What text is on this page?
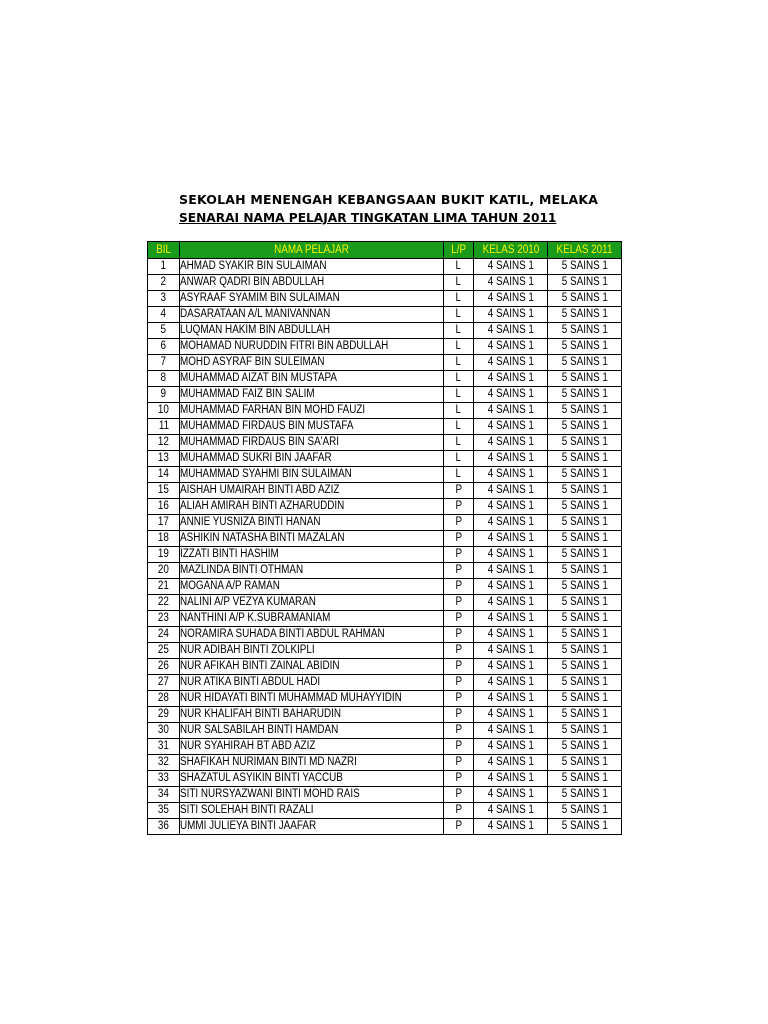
SEKOLAH MENENGAH KEBANGSAAN BUKIT KATIL, MELAKA
SENARAI NAMA PELAJAR TINGKATAN LIMA TAHUN 2011
BIL	NAMA PELAJAR	L/P	KELAS 2010	KELAS 2011
1	AHMAD SYAKIR BIN SULAIMAN	L	4 SAINS 1	5 SAINS 1
2	ANWAR QADRI BIN ABDULLAH	L	4 SAINS 1	5 SAINS 1
3	ASYRAAF SYAMIM BIN SULAIMAN	L	4 SAINS 1	5 SAINS 1
4	DASARATAAN A/L MANIVANNAN	L	4 SAINS 1	5 SAINS 1
5	LUQMAN HAKIM BIN ABDULLAH	L	4 SAINS 1	5 SAINS 1
6	MOHAMAD NURUDDIN FITRI BIN ABDULLAH	L	4 SAINS 1	5 SAINS 1
7	MOHD ASYRAF BIN SULEIMAN	L	4 SAINS 1	5 SAINS 1
8	MUHAMMAD AIZAT BIN MUSTAPA	L	4 SAINS 1	5 SAINS 1
9	MUHAMMAD FAIZ BIN SALIM	L	4 SAINS 1	5 SAINS 1
10	MUHAMMAD FARHAN BIN MOHD FAUZI	L	4 SAINS 1	5 SAINS 1
11	MUHAMMAD FIRDAUS BIN MUSTAFA	L	4 SAINS 1	5 SAINS 1
12	MUHAMMAD FIRDAUS BIN SA'ARI	L	4 SAINS 1	5 SAINS 1
13	MUHAMMAD SUKRI BIN JAAFAR	L	4 SAINS 1	5 SAINS 1
14	MUHAMMAD SYAHMI BIN SULAIMAN	L	4 SAINS 1	5 SAINS 1
15	AISHAH UMAIRAH BINTI ABD AZIZ	P	4 SAINS 1	5 SAINS 1
16	ALIAH AMIRAH BINTI AZHARUDDIN	P	4 SAINS 1	5 SAINS 1
17	ANNIE YUSNIZA BINTI HANAN	P	4 SAINS 1	5 SAINS 1
18	ASHIKIN NATASHA BINTI MAZALAN	P	4 SAINS 1	5 SAINS 1
19	IZZATI BINTI HASHIM	P	4 SAINS 1	5 SAINS 1
20	MAZLINDA BINTI OTHMAN	P	4 SAINS 1	5 SAINS 1
21	MOGANA A/P RAMAN	P	4 SAINS 1	5 SAINS 1
22	NALINI A/P VEZYA KUMARAN	P	4 SAINS 1	5 SAINS 1
23	NANTHINI A/P K.SUBRAMANIAM	P	4 SAINS 1	5 SAINS 1
24	NORAMIRA SUHADA BINTI ABDUL RAHMAN	P	4 SAINS 1	5 SAINS 1
25	NUR ADIBAH BINTI ZOLKIPLI	P	4 SAINS 1	5 SAINS 1
26	NUR AFIKAH BINTI ZAINAL ABIDIN	P	4 SAINS 1	5 SAINS 1
27	NUR ATIKA BINTI ABDUL HADI	P	4 SAINS 1	5 SAINS 1
28	NUR HIDAYATI BINTI MUHAMMAD MUHAYYIDIN	P	4 SAINS 1	5 SAINS 1
29	NUR KHALIFAH BINTI BAHARUDIN	P	4 SAINS 1	5 SAINS 1
30	NUR SALSABILAH BINTI HAMDAN	P	4 SAINS 1	5 SAINS 1
31	NUR SYAHIRAH BT ABD AZIZ	P	4 SAINS 1	5 SAINS 1
32	SHAFIKAH NURIMAN BINTI MD NAZRI	P	4 SAINS 1	5 SAINS 1
33	SHAZATUL ASYIKIN BINTI YACCUB	P	4 SAINS 1	5 SAINS 1
34	SITI NURSYAZWANI BINTI MOHD RAIS	P	4 SAINS 1	5 SAINS 1
35	SITI SOLEHAH BINTI RAZALI	P	4 SAINS 1	5 SAINS 1
36	UMMI JULIEYA BINTI JAAFAR	P	4 SAINS 1	5 SAINS 1
